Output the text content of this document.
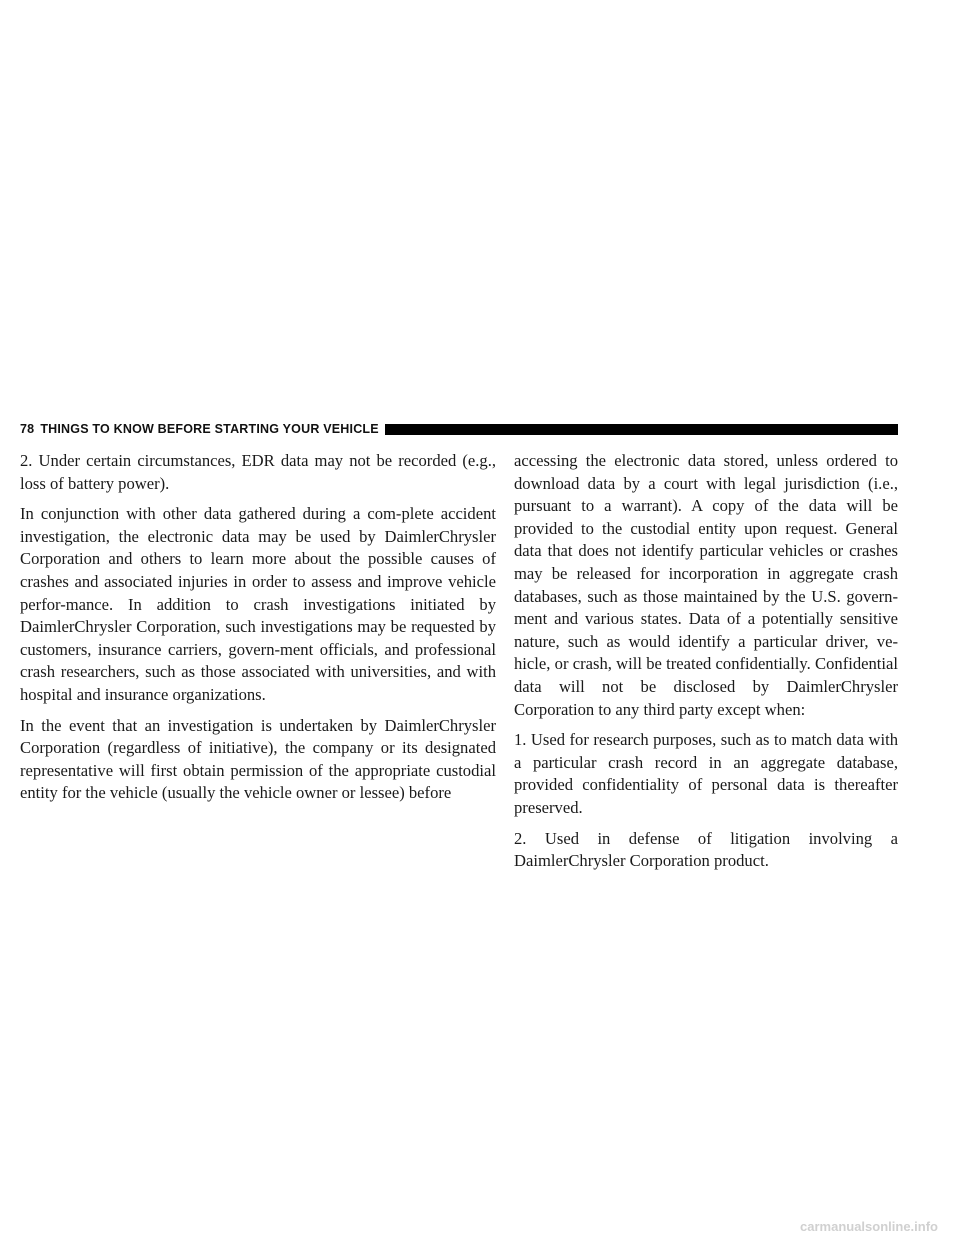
78 THINGS TO KNOW BEFORE STARTING YOUR VEHICLE

2. Under certain circumstances, EDR data may not be recorded (e.g., loss of battery power).

In conjunction with other data gathered during a com-plete accident investigation, the electronic data may be used by DaimlerChrysler Corporation and others to learn more about the possible causes of crashes and associated injuries in order to assess and improve vehicle perfor-mance. In addition to crash investigations initiated by DaimlerChrysler Corporation, such investigations may be requested by customers, insurance carriers, govern-ment officials, and professional crash researchers, such as those associated with universities, and with hospital and insurance organizations.

In the event that an investigation is undertaken by DaimlerChrysler Corporation (regardless of initiative), the company or its designated representative will first obtain permission of the appropriate custodial entity for the vehicle (usually the vehicle owner or lessee) before

accessing the electronic data stored, unless ordered to download data by a court with legal jurisdiction (i.e., pursuant to a warrant). A copy of the data will be provided to the custodial entity upon request. General data that does not identify particular vehicles or crashes may be released for incorporation in aggregate crash databases, such as those maintained by the U.S. govern-ment and various states. Data of a potentially sensitive nature, such as would identify a particular driver, ve-hicle, or crash, will be treated confidentially. Confidential data will not be disclosed by DaimlerChrysler Corporation to any third party except when:

1. Used for research purposes, such as to match data with a particular crash record in an aggregate database, provided confidentiality of personal data is thereafter preserved.

2. Used in defense of litigation involving a DaimlerChrysler Corporation product.

carmanualsonline.info
